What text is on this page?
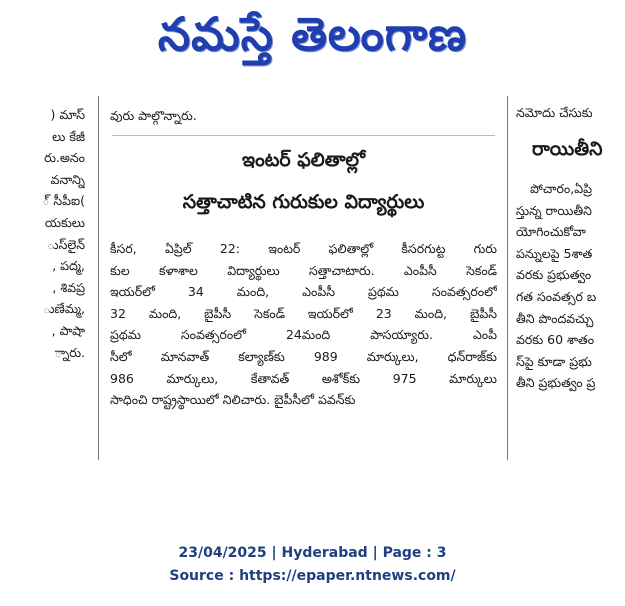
నమస్తే తెలంగాణ
) మాస్
లు కేజీ
రు.అనం
వనాన్ని
్ సీపీఐ(
యకులు
ుస్‌లైన్
, పద్మ,
, శివప్ర
ుణేమ్మ,
, పాషా
్నారు.
వురు పాల్గొన్నారు.
ఇంటర్ ఫలితాల్లో
సత్తాచాటిన గురుకుల విద్యార్థులు
కీసర, ఏప్రిల్ 22: ఇంటర్ ఫలితాల్లో కీసరగుట్ట గురు
కుల కళాశాల విద్యార్థులు సత్తాచాటారు. ఎంపీసీ సెకండ్
ఇయర్‌లో 34 మంది, ఎంపీసీ ప్రథమ సంవత్సరంలో
32 మంది, బైపీసీ సెకండ్ ఇయర్‌లో 23 మంది, బైపీసీ
ప్రథమ సంవత్సరంలో 24మంది పాసయ్యారు. ఎంపీ
సీలో మానవాత్ కల్యాణ్‌కు 989 మార్కులు, ధన్‌రాజ్‌కు
986 మార్కులు, కేతావత్ అశోక్‌కు 975 మార్కులు
సాధించి రాష్ట్రస్థాయిలో నిలిచారు. బైపీసీలో పవన్‌కు
నమోదు చేసుకు
రాయితీని
పోచారం,ఏప్రి
స్తున్న రాయితీని
యోగించుకోవా
పన్నులపై 5శాత
వరకు ప్రభుత్వం
గత సంవత్సర బ
తీని పొందవచ్చు
వరకు 60 శాతం
స్‌పై కూడా ప్రభు
తీని ప్రభుత్వం ప్ర
23/04/2025 | Hyderabad | Page : 3
Source : https://epaper.ntnews.com/
